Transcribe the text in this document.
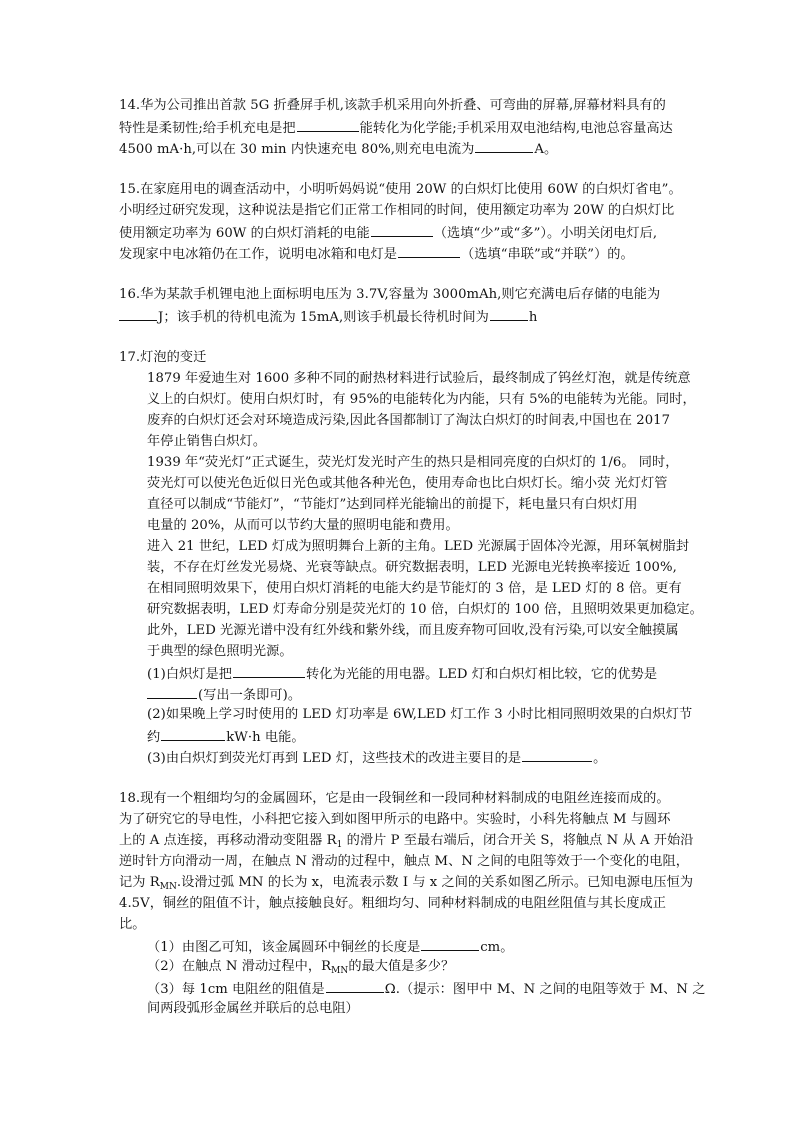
14.华为公司推出首款 5G 折叠屏手机,该款手机采用向外折叠、可弯曲的屏幕,屏幕材料具有的
特性是柔韧性;给手机充电是把	能转化为化学能;手机采用双电池结构,电池总容量高达
4500 mA·h,可以在 30 min 内快速充电 80%,则充电电流为	A。
15.在家庭用电的调查活动中，小明听妈妈说“使用 20W 的白炽灯比使用 60W 的白炽灯省电”。
小明经过研究发现，这种说法是指它们正常工作相同的时间，使用额定功率为 20W 的白炽灯比
使用额定功率为 60W 的白炽灯消耗的电能	（选填“少”或“多”）。小明关闭电灯后,
发现家中电冰箱仍在工作，说明电冰箱和电灯是	（选填“串联”或“并联”）的。
16.华为某款手机锂电池上面标明电压为 3.7V,容量为 3000mAh,则它充满电后存储的电能为
J；该手机的待机电流为 15mA,则该手机最长待机时间为	h
17.灯泡的变迁
1879 年爱迪生对 1600 多种不同的耐热材料进行试验后，最终制成了钨丝灯泡，就是传统意
义上的白炽灯。使用白炽灯时，有 95%的电能转化为内能，只有 5%的电能转为光能。同时，
废弃的白炽灯还会对环境造成污染,因此各国都制订了淘汰白炽灯的时间表,中国也在 2017
年停止销售白炽灯。
1939 年“荧光灯”正式诞生，荧光灯发光时产生的热只是相同亮度的白炽灯的 1/6。 同时，
荧光灯可以使光色近似日光色或其他各种光色，使用寿命也比白炽灯长。缩小荧 光灯灯管
直径可以制成“节能灯”，“节能灯”达到同样光能输出的前提下，耗电量只有白炽灯用
电量的 20%，从而可以节约大量的照明电能和费用。
进入 21 世纪，LED 灯成为照明舞台上新的主角。LED 光源属于固体冷光源，用环氧树脂封
装，不存在灯丝发光易烧、光衰等缺点。研究数据表明，LED 光源电光转换率接近 100%,
在相同照明效果下，使用白炽灯消耗的电能大约是节能灯的 3 倍，是 LED 灯的 8 倍。更有
研究数据表明，LED 灯寿命分别是荧光灯的 10 倍，白炽灯的 100 倍，且照明效果更加稳定。
此外，LED 光源光谱中没有红外线和紫外线，而且废弃物可回收,没有污染,可以安全触摸属
于典型的绿色照明光源。
(1)白炽灯是把	转化为光能的用电器。LED 灯和白炽灯相比较，它的优势是
(写出一条即可)。
(2)如果晚上学习时使用的 LED 灯功率是 6W,LED 灯工作 3 小时比相同照明效果的白炽灯节
约	kW·h 电能。
(3)由白炽灯到荧光灯再到 LED 灯，这些技术的改进主要目的是	。
18.现有一个粗细均匀的金属圆环，它是由一段铜丝和一段同种材料制成的电阻丝连接而成的。
为了研究它的导电性，小科把它接入到如图甲所示的电路中。实验时，小科先将触点 M 与圆环
上的 A 点连接，再移动滑动变阻器 $R_1$ 的滑片 P 至最右端后，闭合开关 S，将触点 N 从 A 开始沿
逆时针方向滑动一周，在触点 N 滑动的过程中，触点 M、N 之间的电阻等效于一个变化的电阻，
记为 $R_{MN}$.设滑过弧 MN 的长为 x，电流表示数 I 与 x 之间的关系如图乙所示。已知电源电压恒为
4.5V，铜丝的阻值不计，触点接触良好。粗细均匀、同种材料制成的电阻丝阻值与其长度成正
比。
（1）由图乙可知，该金属圆环中铜丝的长度是	cm。
（2）在触点 N 滑动过程中，$R_{MN}$的最大值是多少？
（3）每 1cm 电阻丝的阻值是	Ω.（提示：图甲中 M、N 之间的电阻等效于 M、N 之
间两段弧形金属丝并联后的总电阻）
